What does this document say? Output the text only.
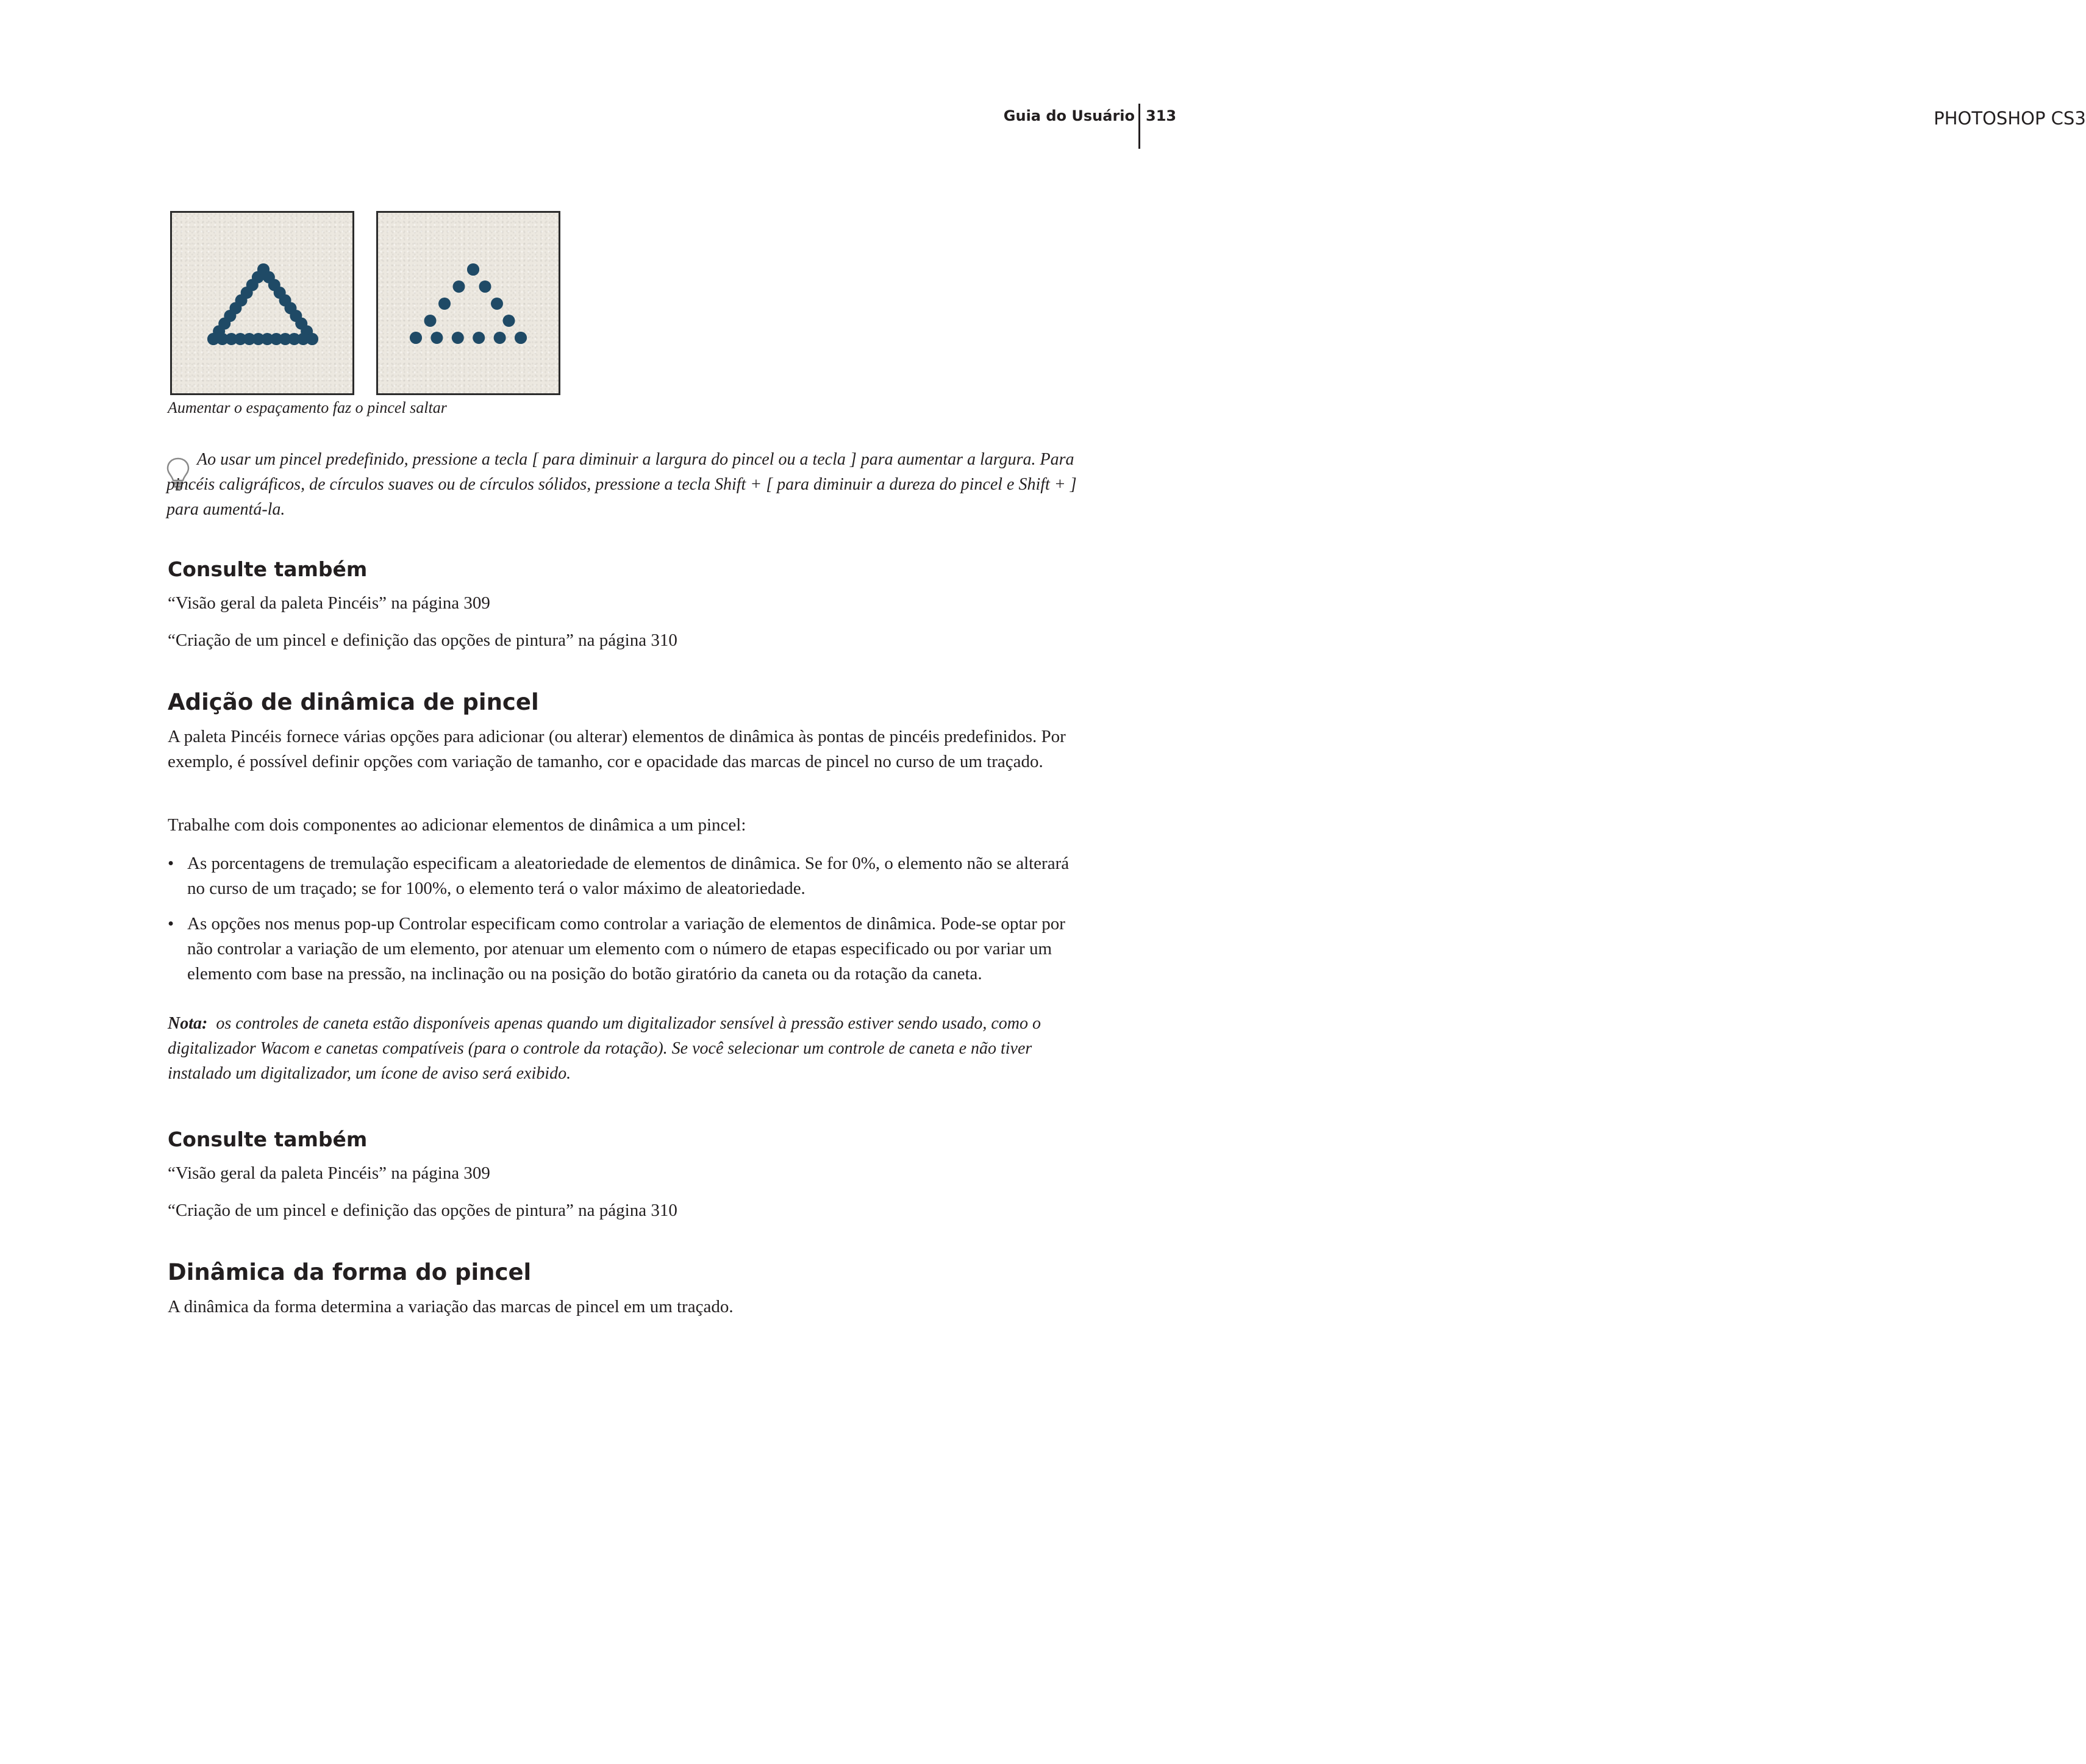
PHOTOSHOP CS3
Guia do Usuário 313
Aumentar o espaçamento faz o pincel saltar

Ao usar um pincel predefinido, pressione a tecla [ para diminuir a largura do pincel ou a tecla ] para aumentar a largura. Para pincéis caligráficos, de círculos suaves ou de círculos sólidos, pressione a tecla Shift + [ para diminuir a dureza do pincel e Shift + ] para aumentá-la.

Consulte também

“Visão geral da paleta Pincéis” na página 309

“Criação de um pincel e definição das opções de pintura” na página 310

Adição de dinâmica de pincel

A paleta Pincéis fornece várias opções para adicionar (ou alterar) elementos de dinâmica às pontas de pincéis predefinidos. Por exemplo, é possível definir opções com variação de tamanho, cor e opacidade das marcas de pincel no curso de um traçado.

Trabalhe com dois componentes ao adicionar elementos de dinâmica a um pincel:

• As porcentagens de tremulação especificam a aleatoriedade de elementos de dinâmica. Se for 0%, o elemento não se alterará no curso de um traçado; se for 100%, o elemento terá o valor máximo de aleatoriedade.

• As opções nos menus pop-up Controlar especificam como controlar a variação de elementos de dinâmica. Pode-se optar por não controlar a variação de um elemento, por atenuar um elemento com o número de etapas especificado ou por variar um elemento com base na pressão, na inclinação ou na posição do botão giratório da caneta ou da rotação da caneta.

Nota: os controles de caneta estão disponíveis apenas quando um digitalizador sensível à pressão estiver sendo usado, como o digitalizador Wacom e canetas compatíveis (para o controle da rotação). Se você selecionar um controle de caneta e não tiver instalado um digitalizador, um ícone de aviso será exibido.

Consulte também

“Visão geral da paleta Pincéis” na página 309

“Criação de um pincel e definição das opções de pintura” na página 310

Dinâmica da forma do pincel

A dinâmica da forma determina a variação das marcas de pincel em um traçado.
